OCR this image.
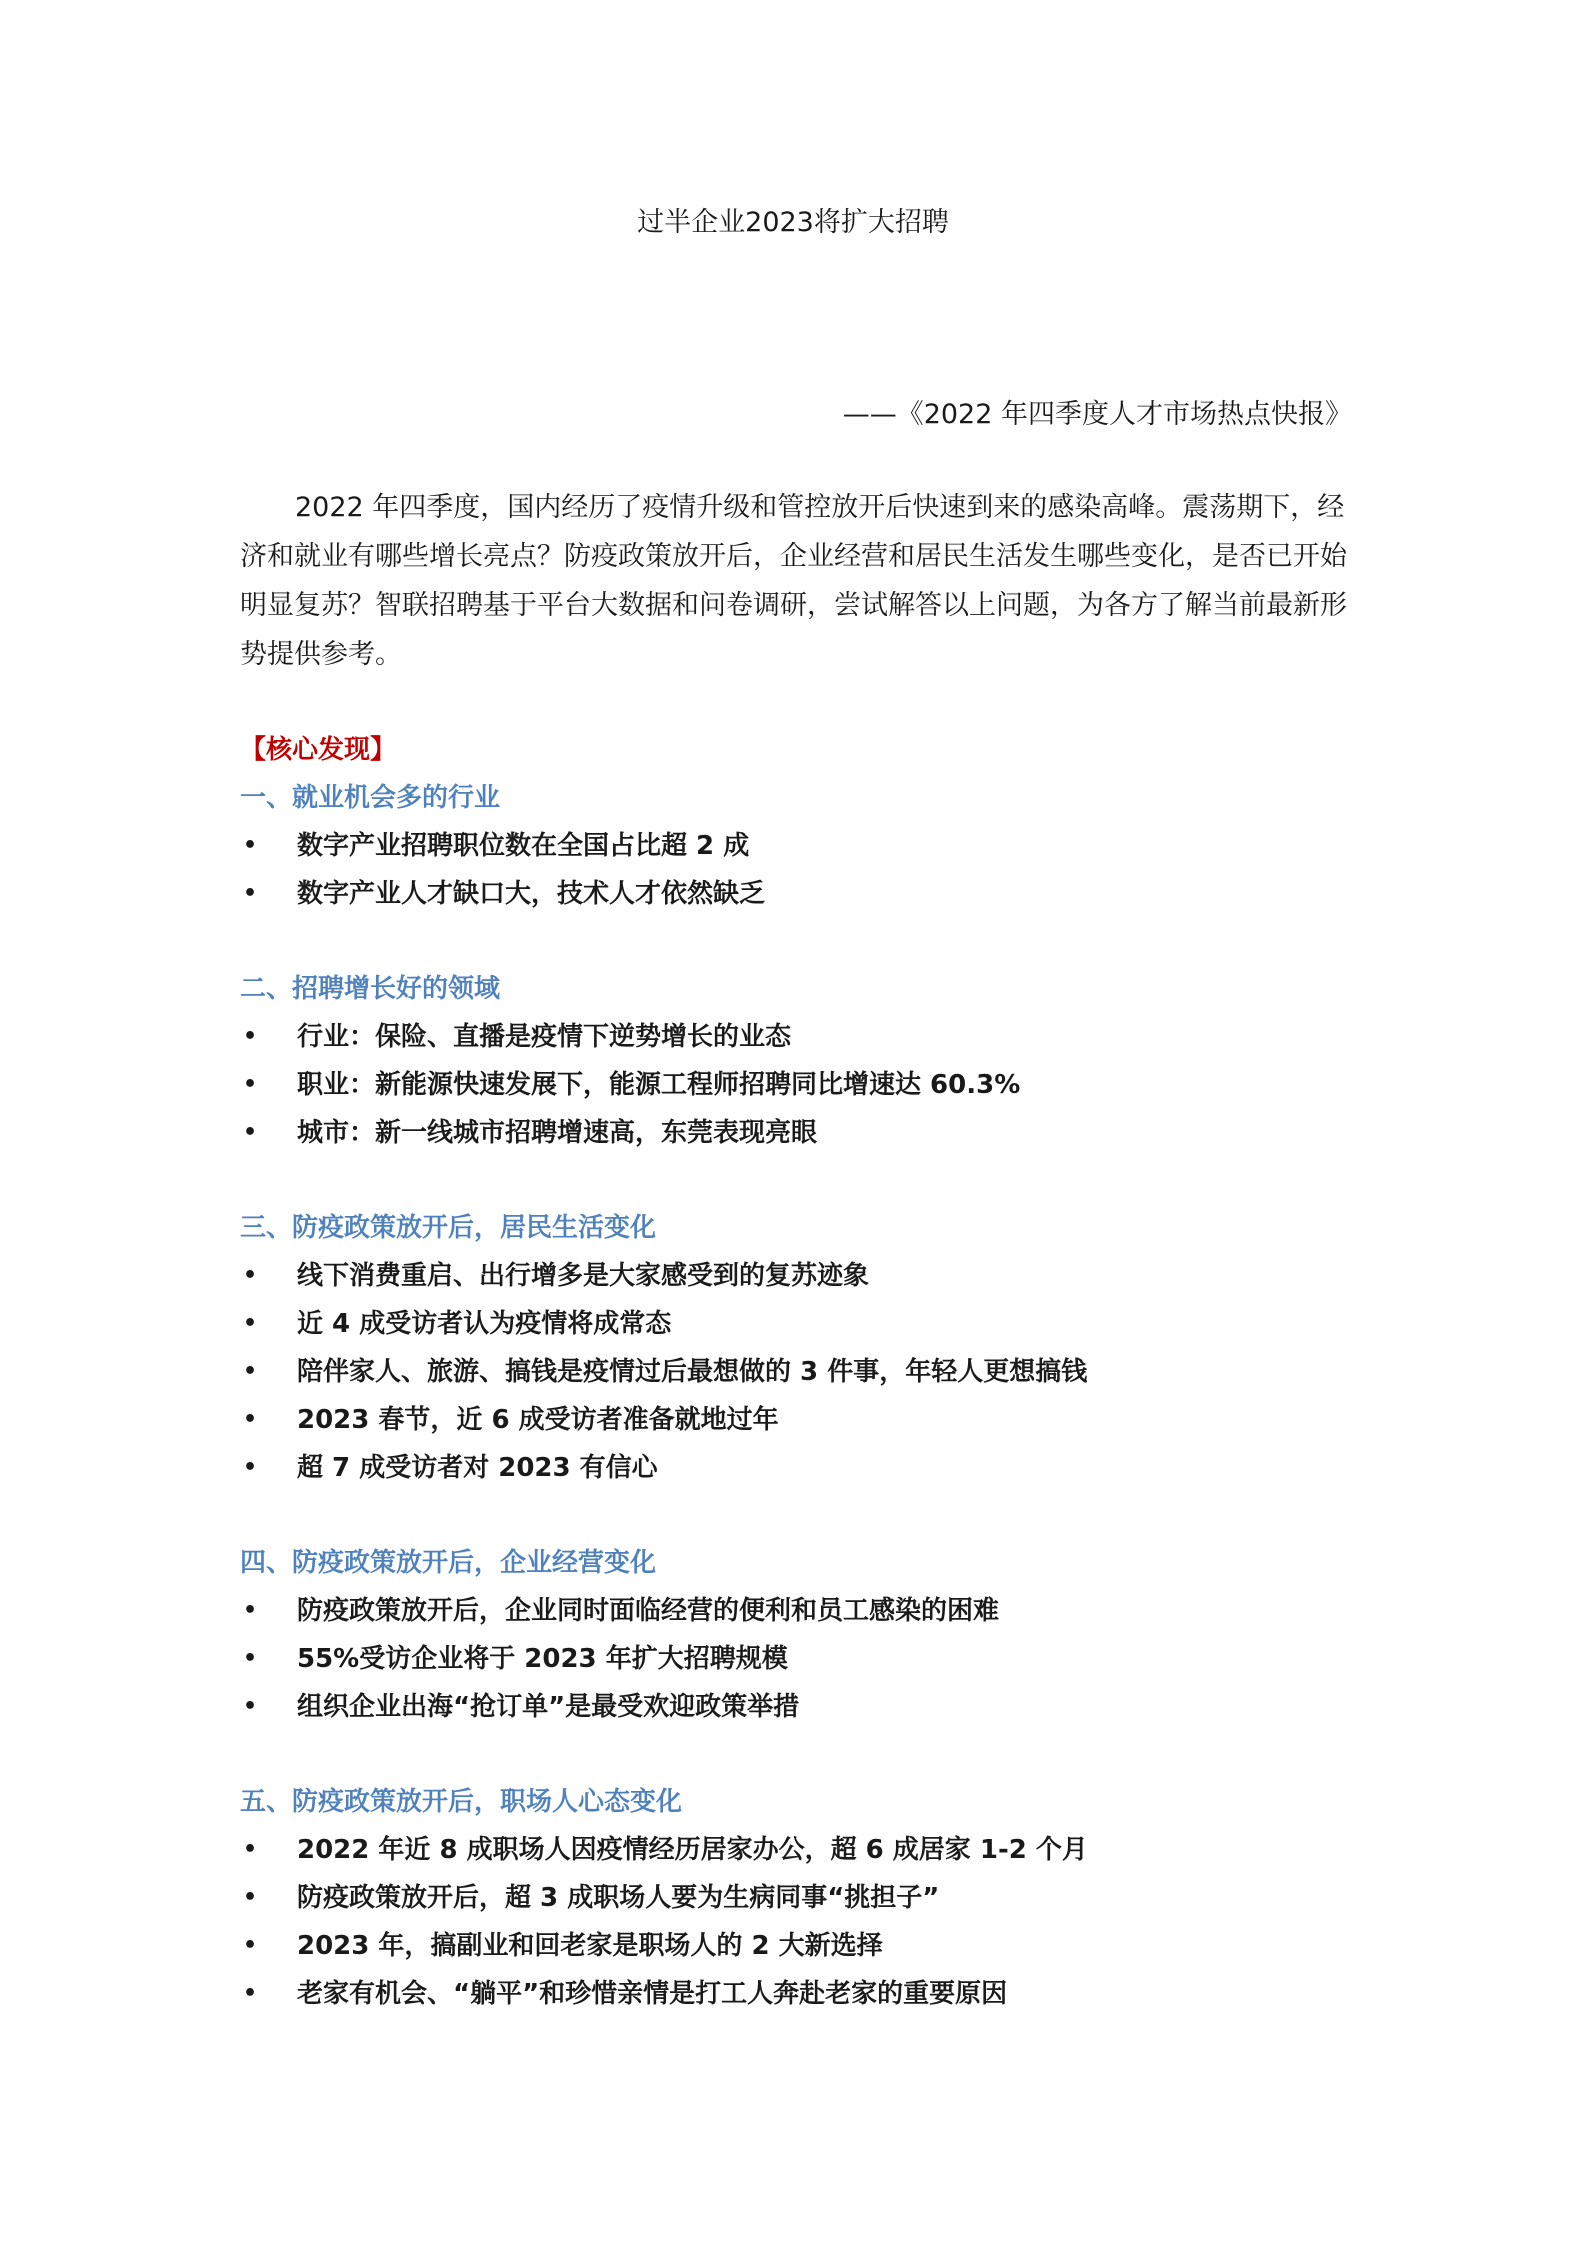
过半企业2023将扩大招聘
——《2022 年四季度人才市场热点快报》

2022 年四季度，国内经历了疫情升级和管控放开后快速到来的感染高峰。震荡期下，经济和就业有哪些增长亮点？防疫政策放开后，企业经营和居民生活发生哪些变化，是否已开始明显复苏？智联招聘基于平台大数据和问卷调研，尝试解答以上问题，为各方了解当前最新形势提供参考。

【核心发现】
一、就业机会多的行业
• 数字产业招聘职位数在全国占比超 2 成
• 数字产业人才缺口大，技术人才依然缺乏
二、招聘增长好的领域
• 行业：保险、直播是疫情下逆势增长的业态
• 职业：新能源快速发展下，能源工程师招聘同比增速达 60.3%
• 城市：新一线城市招聘增速高，东莞表现亮眼
三、防疫政策放开后，居民生活变化
• 线下消费重启、出行增多是大家感受到的复苏迹象
• 近 4 成受访者认为疫情将成常态
• 陪伴家人、旅游、搞钱是疫情过后最想做的 3 件事，年轻人更想搞钱
• 2023 春节，近 6 成受访者准备就地过年
• 超 7 成受访者对 2023 有信心
四、防疫政策放开后，企业经营变化
• 防疫政策放开后，企业同时面临经营的便利和员工感染的困难
• 55%受访企业将于 2023 年扩大招聘规模
• 组织企业出海“抢订单”是最受欢迎政策举措
五、防疫政策放开后，职场人心态变化
• 2022 年近 8 成职场人因疫情经历居家办公，超 6 成居家 1-2 个月
• 防疫政策放开后，超 3 成职场人要为生病同事“挑担子”
• 2023 年，搞副业和回老家是职场人的 2 大新选择
• 老家有机会、“躺平”和珍惜亲情是打工人奔赴老家的重要原因
